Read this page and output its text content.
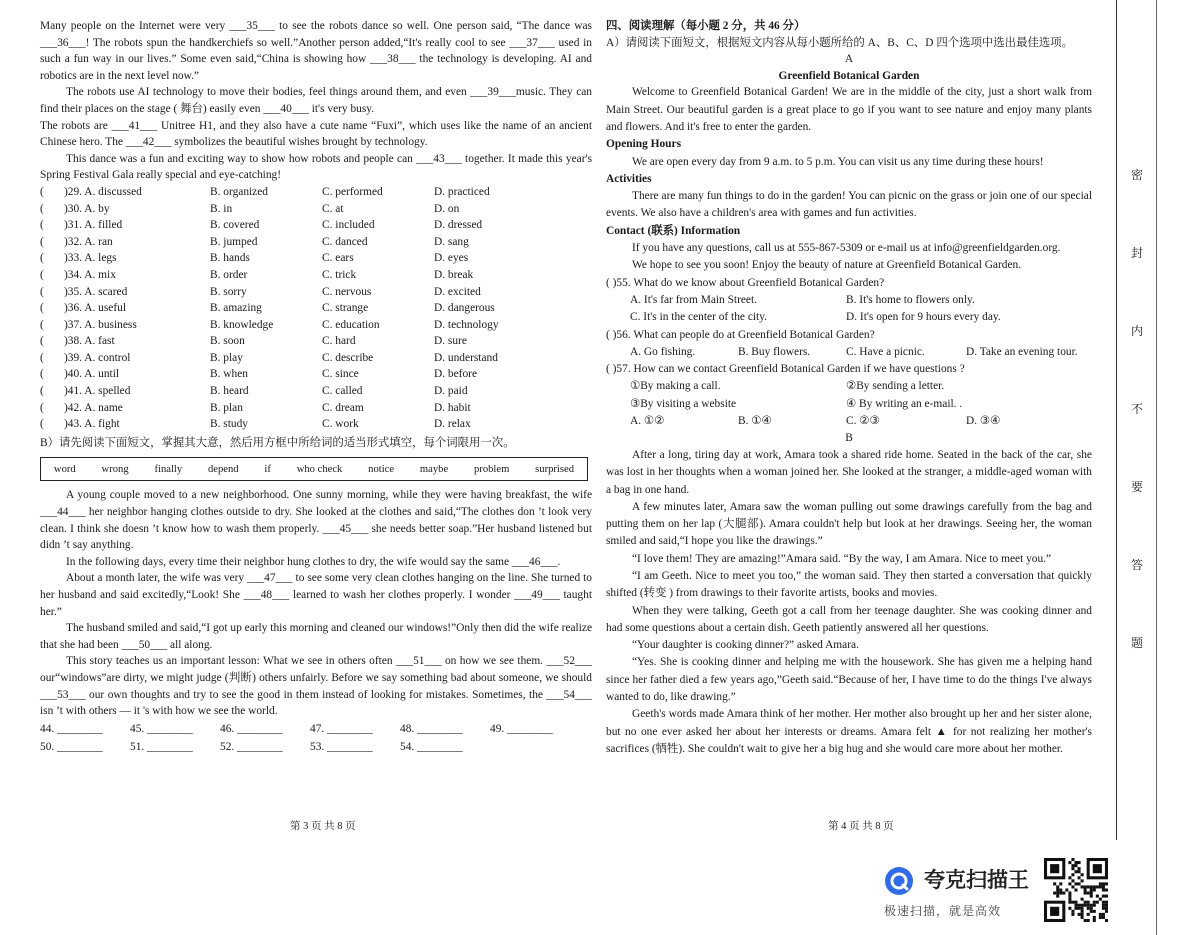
Many people on the Internet were very ___35___ to see the robots dance so well. One person said, “The dance was ___36___! The robots spun the handkerchiefs so well.”Another person added,“It's really cool to see ___37___ used in such a fun way in our lives.” Some even said,“China is showing how ___38___ the technology is developing. AI and robotics are in the next level now.”

The robots use AI technology to move their bodies, feel things around them, and even ___39___music. They can find their places on the stage ( 舞台) easily even ___40___ it's very busy.

The robots are ___41___ Unitree H1, and they also have a cute name “Fuxi”, which uses like the name of an ancient Chinese hero. The ___42___ symbolizes the beautiful wishes brought by technology.

This dance was a fun and exciting way to show how robots and people can ___43___ together. It made this year's Spring Festival Gala really special and eye-catching!

(	)29. A. discussed	B. organized	C. performed	D. practiced
(	)30. A. by	B. in	C. at	D. on
(	)31. A. filled	B. covered	C. included	D. dressed
(	)32. A. ran	B. jumped	C. danced	D. sang
(	)33. A. legs	B. hands	C. ears	D. eyes
(	)34. A. mix	B. order	C. trick	D. break
(	)35. A. scared	B. sorry	C. nervous	D. excited
(	)36. A. useful	B. amazing	C. strange	D. dangerous
(	)37. A. business	B. knowledge	C. education	D. technology
(	)38. A. fast	B. soon	C. hard	D. sure
(	)39. A. control	B. play	C. describe	D. understand
(	)40. A. until	B. when	C. since	D. before
(	)41. A. spelled	B. heard	C. called	D. paid
(	)42. A. name	B. plan	C. dream	D. habit
(	)43. A. fight	B. study	C. work	D. relax

B）请先阅读下面短文，掌握其大意，然后用方框中所给词的适当形式填空，每个词限用一次。

word wrong finally depend if who check notice maybe problem surprised

A young couple moved to a new neighborhood. One sunny morning, while they were having breakfast, the wife ___44___ her neighbor hanging clothes outside to dry. She looked at the clothes and said,“The clothes don ’t look very clean. I think she doesn ’t know how to wash them properly. ___45___ she needs better soap.”Her husband listened but didn ’t say anything.

In the following days, every time their neighbor hung clothes to dry, the wife would say the same ___46___.

About a month later, the wife was very ___47___ to see some very clean clothes hanging on the line. She turned to her husband and said excitedly,“Look! She ___48___ learned to wash her clothes properly. I wonder ___49___ taught her.”

The husband smiled and said,“I got up early this morning and cleaned our windows!”Only then did the wife realize that she had been ___50___ all along.

This story teaches us an important lesson: What we see in others often ___51___ on how we see them. ___52___ our“windows”are dirty, we might judge (判断) others unfairly. Before we say something bad about someone, we should ___53___ our own thoughts and try to see the good in them instead of looking for mistakes. Sometimes, the ___54___ isn ’t with others — it 's with how we see the world.

44. ________	45. ________	46. ________	47. ________	48. ________	49. ________
50. ________	51. ________	52. ________	53. ________	54. ________
第 3 页 共 8 页

四、阅读理解（每小题 2 分，共 46 分）

A）请阅读下面短文，根据短文内容从每小题所给的 A、B、C、D 四个选项中选出最佳选项。

A

Greenfield Botanical Garden

Welcome to Greenfield Botanical Garden! We are in the middle of the city, just a short walk from Main Street. Our beautiful garden is a great place to go if you want to see nature and enjoy many plants and flowers. And it's free to enter the garden.

Opening Hours

We are open every day from 9 a.m. to 5 p.m. You can visit us any time during these hours!

Activities

There are many fun things to do in the garden! You can picnic on the grass or join one of our special events. We also have a children's area with games and fun activities.

Contact (联系) Information

If you have any questions, call us at 555-867-5309 or e-mail us at info@greenfieldgarden.org.

We hope to see you soon! Enjoy the beauty of nature at Greenfield Botanical Garden.

( )55. What do we know about Greenfield Botanical Garden?

A. It's far from Main Street.	B. It's home to flowers only.
C. It's in the center of the city.	D. It's open for 9 hours every day.

( )56. What can people do at Greenfield Botanical Garden?

A. Go fishing.	B. Buy flowers.	C. Have a picnic.	D. Take an evening tour.

( )57. How can we contact Greenfield Botanical Garden if we have questions ?

①By making a call.	②By sending a letter.
③By visiting a website	④ By writing an e-mail. .
A. ①②	B. ①④	C. ②③	D. ③④

B

After a long, tiring day at work, Amara took a shared ride home. Seated in the back of the car, she was lost in her thoughts when a woman joined her. She looked at the stranger, a middle-aged woman with a bag in one hand.

A few minutes later, Amara saw the woman pulling out some drawings carefully from the bag and putting them on her lap (大腿部). Amara couldn't help but look at her drawings. Seeing her, the woman smiled and said,“I hope you like the drawings.”

“I love them! They are amazing!”Amara said. “By the way, I am Amara. Nice to meet you.”

“I am Geeth. Nice to meet you too,” the woman said. They then started a conversation that quickly shifted (转变 ) from drawings to their favorite artists, books and movies.

When they were talking, Geeth got a call from her teenage daughter. She was cooking dinner and had some questions about a certain dish. Geeth patiently answered all her questions.

“Your daughter is cooking dinner?” asked Amara.

“Yes. She is cooking dinner and helping me with the housework. She has given me a helping hand since her father died a few years ago,”Geeth said.“Because of her, I have time to do the things I've always wanted to do, like drawing.”

Geeth's words made Amara think of her mother. Her mother also brought up her and her sister alone, but no one ever asked her about her interests or dreams. Amara felt ▲ for not realizing her mother's sacrifices (牺牲). She couldn't wait to give her a big hug and she would care more about her mother.

第 4 页 共 8 页
密
封
内
不
要
答
题
夸克扫描王
极速扫描，就是高效
